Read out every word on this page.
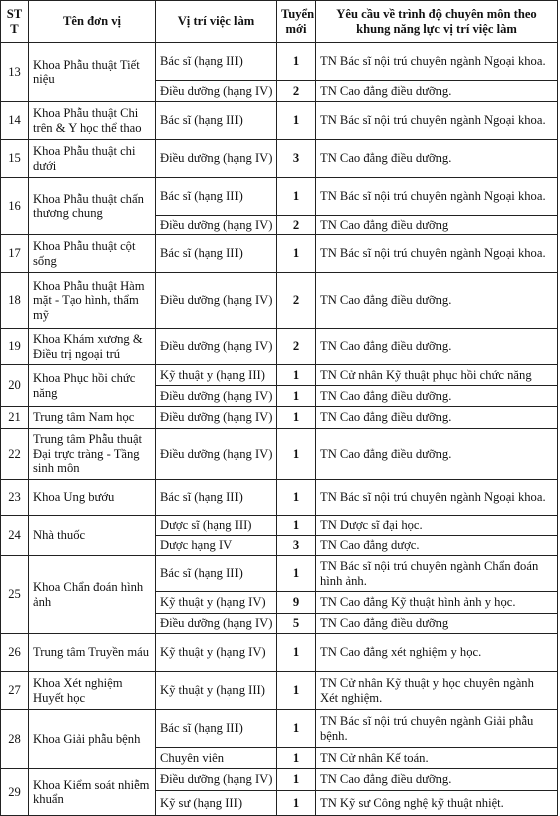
ST T	Tên đơn vị	Vị trí việc làm	Tuyển mới	Yêu cầu về trình độ chuyên môn theo khung năng lực vị trí việc làm
13	Khoa Phẫu thuật Tiết niệu	Bác sĩ (hạng III)	1	TN Bác sĩ nội trú chuyên ngành Ngoại khoa.
		Điều dưỡng (hạng IV)	2	TN Cao đẳng điều dưỡng.
14	Khoa Phẫu thuật Chi trên & Y học thể thao	Bác sĩ (hạng III)	1	TN Bác sĩ nội trú chuyên ngành Ngoại khoa.
15	Khoa Phẫu thuật chi dưới	Điều dưỡng (hạng IV)	3	TN Cao đẳng điều dưỡng.
16	Khoa Phẫu thuật chấn thương chung	Bác sĩ (hạng III)	1	TN Bác sĩ nội trú chuyên ngành Ngoại khoa.
		Điều dưỡng (hạng IV)	2	TN Cao đẳng điều dưỡng
17	Khoa Phẫu thuật cột sống	Bác sĩ (hạng III)	1	TN Bác sĩ nội trú chuyên ngành Ngoại khoa.
18	Khoa Phẫu thuật Hàm mặt - Tạo hình, thẩm mỹ	Điều dưỡng (hạng IV)	2	TN Cao đẳng điều dưỡng.
19	Khoa Khám xương & Điều trị ngoại trú	Điều dưỡng (hạng IV)	2	TN Cao đẳng điều dưỡng.
20	Khoa Phục hồi chức năng	Kỹ thuật y (hạng III)	1	TN Cử nhân Kỹ thuật phục hồi chức năng
		Điều dưỡng (hạng IV)	1	TN Cao đẳng điều dưỡng.
21	Trung tâm Nam học	Điều dưỡng (hạng IV)	1	TN Cao đẳng điều dưỡng.
22	Trung tâm Phẫu thuật Đại trực tràng - Tầng sinh môn	Điều dưỡng (hạng IV)	1	TN Cao đẳng điều dưỡng.
23	Khoa Ung bướu	Bác sĩ (hạng III)	1	TN Bác sĩ nội trú chuyên ngành Ngoại khoa.
24	Nhà thuốc	Dược sĩ (hạng III)	1	TN Dược sĩ đại học.
		Dược hạng IV	3	TN Cao đẳng dược.
25	Khoa Chẩn đoán hình ảnh	Bác sĩ (hạng III)	1	TN Bác sĩ nội trú chuyên ngành Chẩn đoán hình ảnh.
		Kỹ thuật y (hạng IV)	9	TN Cao đẳng Kỹ thuật hình ảnh y học.
		Điều dưỡng (hạng IV)	5	TN Cao đẳng điều dưỡng
26	Trung tâm Truyền máu	Kỹ thuật y (hạng IV)	1	TN Cao đẳng xét nghiệm y học.
27	Khoa Xét nghiệm Huyết học	Kỹ thuật y (hạng III)	1	TN Cử nhân Kỹ thuật y học chuyên ngành Xét nghiệm.
28	Khoa Giải phẫu bệnh	Bác sĩ (hạng III)	1	TN Bác sĩ nội trú chuyên ngành Giải phẫu bệnh.
		Chuyên viên	1	TN Cử nhân Kế toán.
29	Khoa Kiểm soát nhiễm khuẩn	Điều dưỡng (hạng IV)	1	TN Cao đẳng điều dưỡng.
		Kỹ sư (hạng III)	1	TN Kỹ sư Công nghệ kỹ thuật nhiệt.
